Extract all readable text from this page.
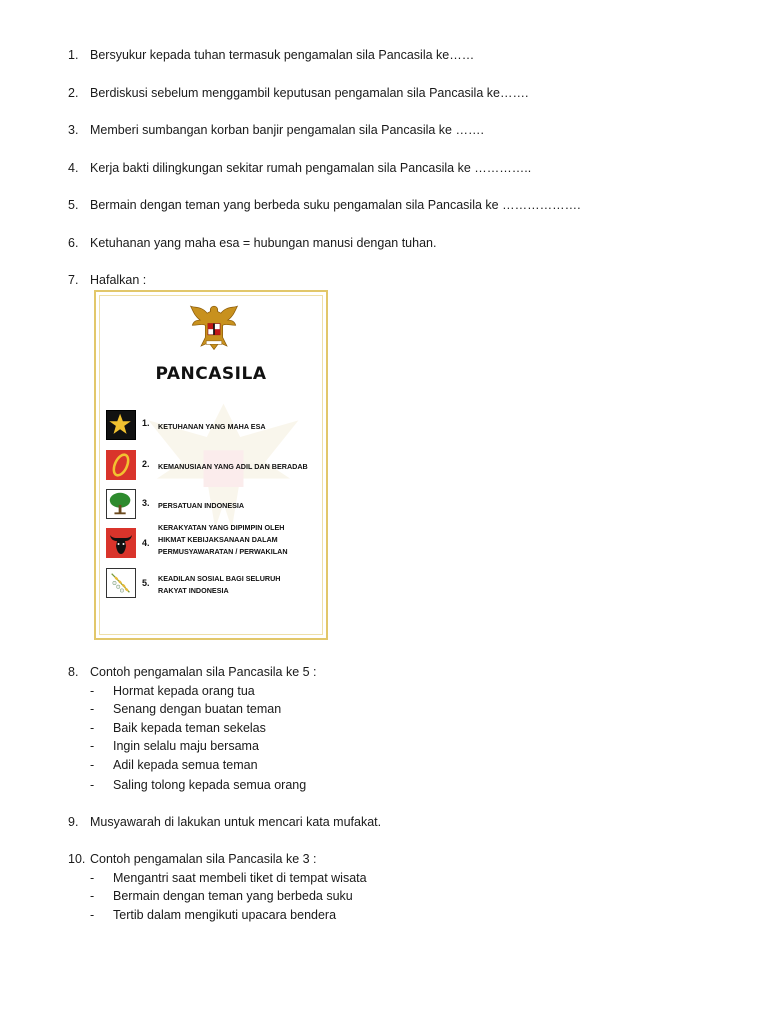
1. Bersyukur kepada tuhan termasuk pengamalan sila Pancasila ke……
2. Berdiskusi sebelum menggambil keputusan pengamalan sila Pancasila ke…….
3. Memberi sumbangan korban banjir pengamalan sila Pancasila ke …….
4. Kerja bakti dilingkungan sekitar rumah pengamalan sila Pancasila ke …………..
5. Bermain dengan teman yang berbeda suku pengamalan sila Pancasila ke ……………….
6. Ketuhanan yang maha esa = hubungan manusi dengan tuhan.
7. Hafalkan :
PANCASILA
1. KETUHANAN YANG MAHA ESA
2. KEMANUSIAAN YANG ADIL DAN BERADAB
3. PERSATUAN INDONESIA
4.
KERAKYATAN YANG DIPIMPIN OLEH
HIKMAT KEBIJAKSANAAN DALAM
PERMUSYAWARATAN / PERWAKILAN
5. KEADILAN SOSIAL BAGI SELURUH
RAKYAT INDONESIA
8. Contoh pengamalan sila Pancasila ke 5 :
- Hormat kepada orang tua
- Senang dengan buatan teman
- Baik kepada teman sekelas
- Ingin selalu maju bersama
- Adil kepada semua teman
- Saling tolong kepada semua orang
9. Musyawarah di lakukan untuk mencari kata mufakat.
10. Contoh pengamalan sila Pancasila ke 3 :
- Mengantri saat membeli tiket di tempat wisata
- Bermain dengan teman yang berbeda suku
- Tertib dalam mengikuti upacara bendera
